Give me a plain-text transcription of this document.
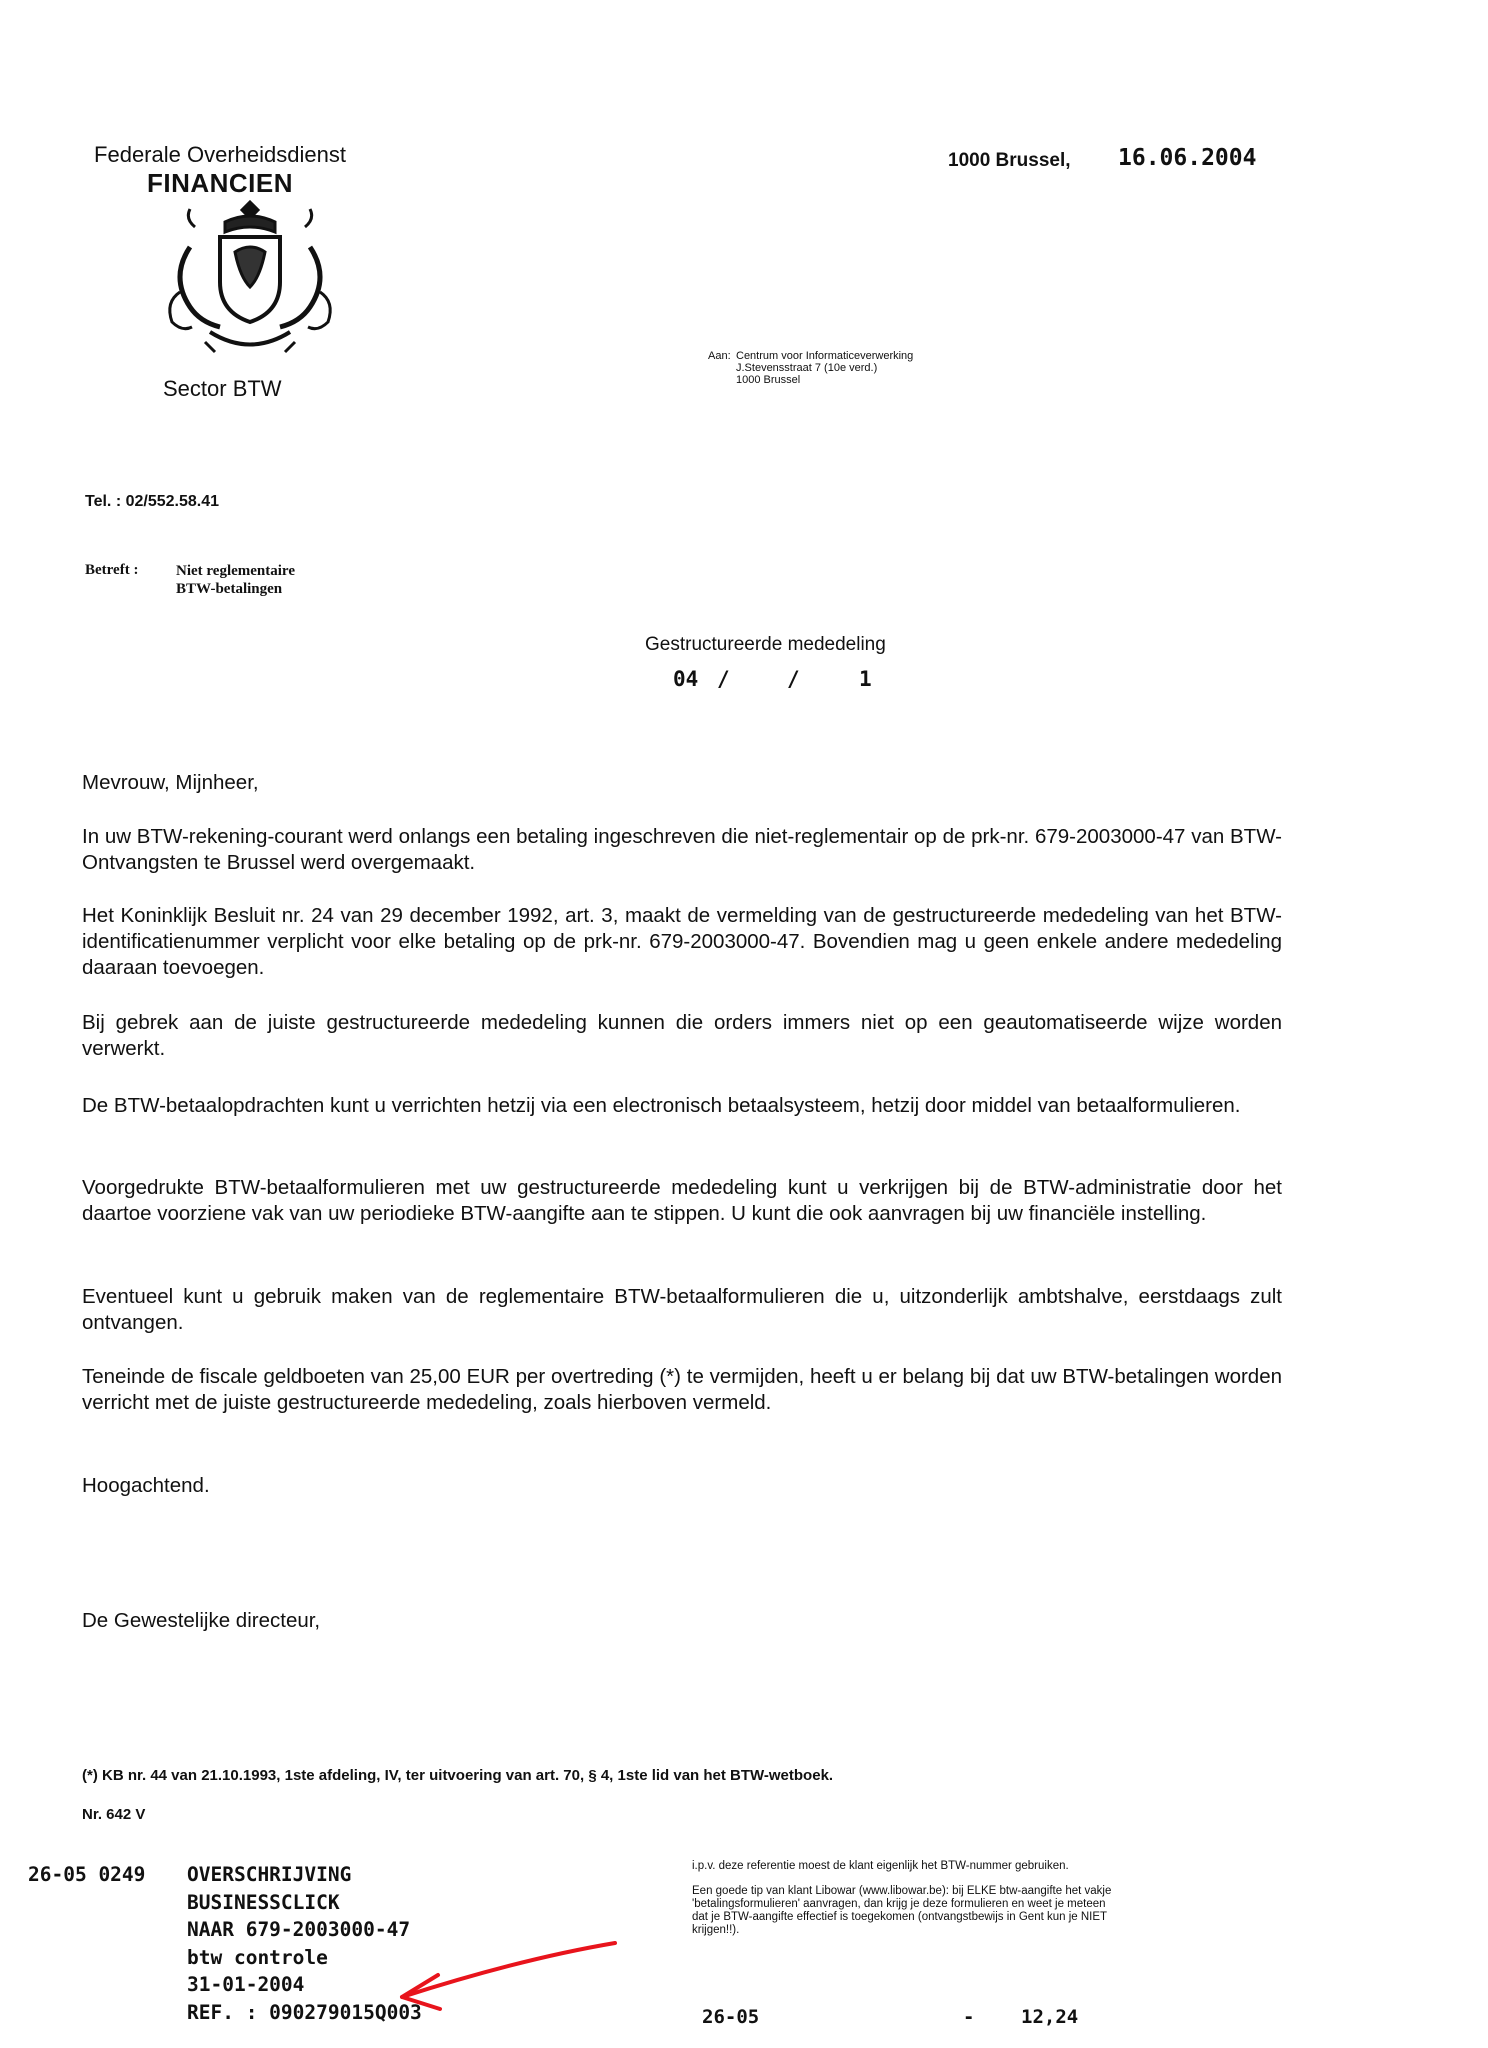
Federale Overheidsdienst
FINANCIEN
Sector BTW
1000 Brussel, 16.06.2004
Aan: Centrum voor Informaticeverwerking
J.Stevensstraat 7 (10e verd.)
1000 Brussel
Tel. : 02/552.58.41
Betreft :	Niet reglementaire
BTW-betalingen
Gestructureerde mededeling
04 /	/	1
Mevrouw, Mijnheer,

In uw BTW-rekening-courant werd onlangs een betaling ingeschreven die niet-reglementair op de prk-nr. 679-2003000-47 van BTW-Ontvangsten te Brussel werd overgemaakt.

Het Koninklijk Besluit nr. 24 van 29 december 1992, art. 3, maakt de vermelding van de gestructureerde mededeling van het BTW-identificatienummer verplicht voor elke betaling op de prk-nr. 679-2003000-47. Bovendien mag u geen enkele andere mededeling daaraan toevoegen.

Bij gebrek aan de juiste gestructureerde mededeling kunnen die orders immers niet op een geautomatiseerde wijze worden verwerkt.

De BTW-betaalopdrachten kunt u verrichten hetzij via een electronisch betaalsysteem, hetzij door middel van betaalformulieren.

Voorgedrukte BTW-betaalformulieren met uw gestructureerde mededeling kunt u verkrijgen bij de BTW-administratie door het daartoe voorziene vak van uw periodieke BTW-aangifte aan te stippen. U kunt die ook aanvragen bij uw financiële instelling.

Eventueel kunt u gebruik maken van de reglementaire BTW-betaalformulieren die u, uitzonderlijk ambtshalve, eerstdaags zult ontvangen.

Teneinde de fiscale geldboeten van 25,00 EUR per overtreding (*) te vermijden, heeft u er belang bij dat uw BTW-betalingen worden verricht met de juiste gestructureerde mededeling, zoals hierboven vermeld.

Hoogachtend.
De Gewestelijke directeur,
(*) KB nr. 44 van 21.10.1993, 1ste afdeling, IV, ter uitvoering van art. 70, § 4, 1ste lid van het BTW-wetboek.
Nr. 642 V
26-05 0249 OVERSCHRIJVING
BUSINESSCLICK
NAAR 679-2003000-47
btw controle
31-01-2004
REF. : 090279015Q003

i.p.v. deze referentie moest de klant eigenlijk het BTW-nummer gebruiken.

Een goede tip van klant Libowar (www.libowar.be): bij ELKE btw-aangifte het vakje 'betalingsformulieren' aanvragen, dan krijg je deze formulieren en weet je meteen dat je BTW-aangifte effectief is toegekomen (ontvangstbewijs in Gent kun je NIET krijgen!!).

26-05	- 12,24
